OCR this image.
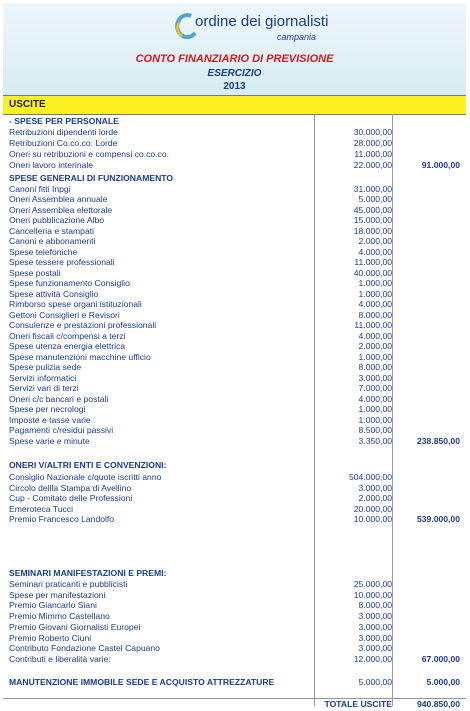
ordine dei giornalisti
campania
CONTO FINANZIARIO DI PREVISIONE
ESERCIZIO
2013
USCITE
- SPESE PER PERSONALE
Retribuzioni dipendenti lorde	30.000,00
Retribuzioni Co.co.co. Lorde	28.000,00
Oneri su retribuzioni e compensi co.co.co.	11.000,00
Oneri lavoro interinale	22.000,00	91.000,00
SPESE GENERALI DI FUNZIONAMENTO
Canoni fitti Inpgi	31.000,00
Oneri Assemblea annuale	5.000,00
Oneri Assemblea elettorale	45.000,00
Oneri pubblicazione Albo	15.000,00
Cancelleria e stampati	18.000,00
Canoni e abbonamenti	2.000,00
Spese telefoniche	4.000,00
Spese tessere professionali	11.000,00
Spese postali	40.000,00
Spese funzionamento Consiglio	1.000,00
Spese attività Consiglio	1.000,00
Rimborso spese organi istituzionali	4.000,00
Gettoni Consiglieri e Revisori	8.000,00
Consulenze e prestazioni professionali	11.000,00
Oneri fiscali c/compensi a terzi	4.000,00
Spese utenza energia elettrica	2.000,00
Spese manutenzioni macchine ufficio	1.000,00
Spese pulizia sede	8.000,00
Servizi informatici	3.000,00
Servizi vari di terzi	7.000,00
Oneri c/c bancari e postali	4.000,00
Spese per necrologi	1.000,00
Imposte e tasse varie	1.000,00
Pagamenti c/residui passivi	8.500,00
Spese varie e minute	3.350,00	238.850,00
ONERI V/ALTRI ENTI E CONVENZIONI:
Consiglio Nazionale c/quote iscritti anno	504.000,00
Circolo dellla Stampa di Avellino	3.000,00
Cup - Comitato delle Professioni	2.000,00
Emeroteca Tucci	20.000,00
Premio Francesco Landolfo	10.000,00	539.000,00
SEMINARI MANIFESTAZIONI E PREMI:
Seminari praticanti e pubblicisti	25.000,00
Spese per manifestazioni	10.000,00
Premio Giancarlo Siani	8.000,00
Premio Mimmo Castellano	3.000,00
Premio Giovani Giornalisti Europei	3.000,00
Premio Roberto Ciuni	3.000,00
Contributo Fondazione Castel Capuano	3.000,00
Contributi e liberalità varie:	12.000,00	67.000,00
MANUTENZIONE IMMOBILE SEDE E ACQUISTO ATTREZZATURE	5.000,00	5.000,00
TOTALE USCITE	940.850,00
